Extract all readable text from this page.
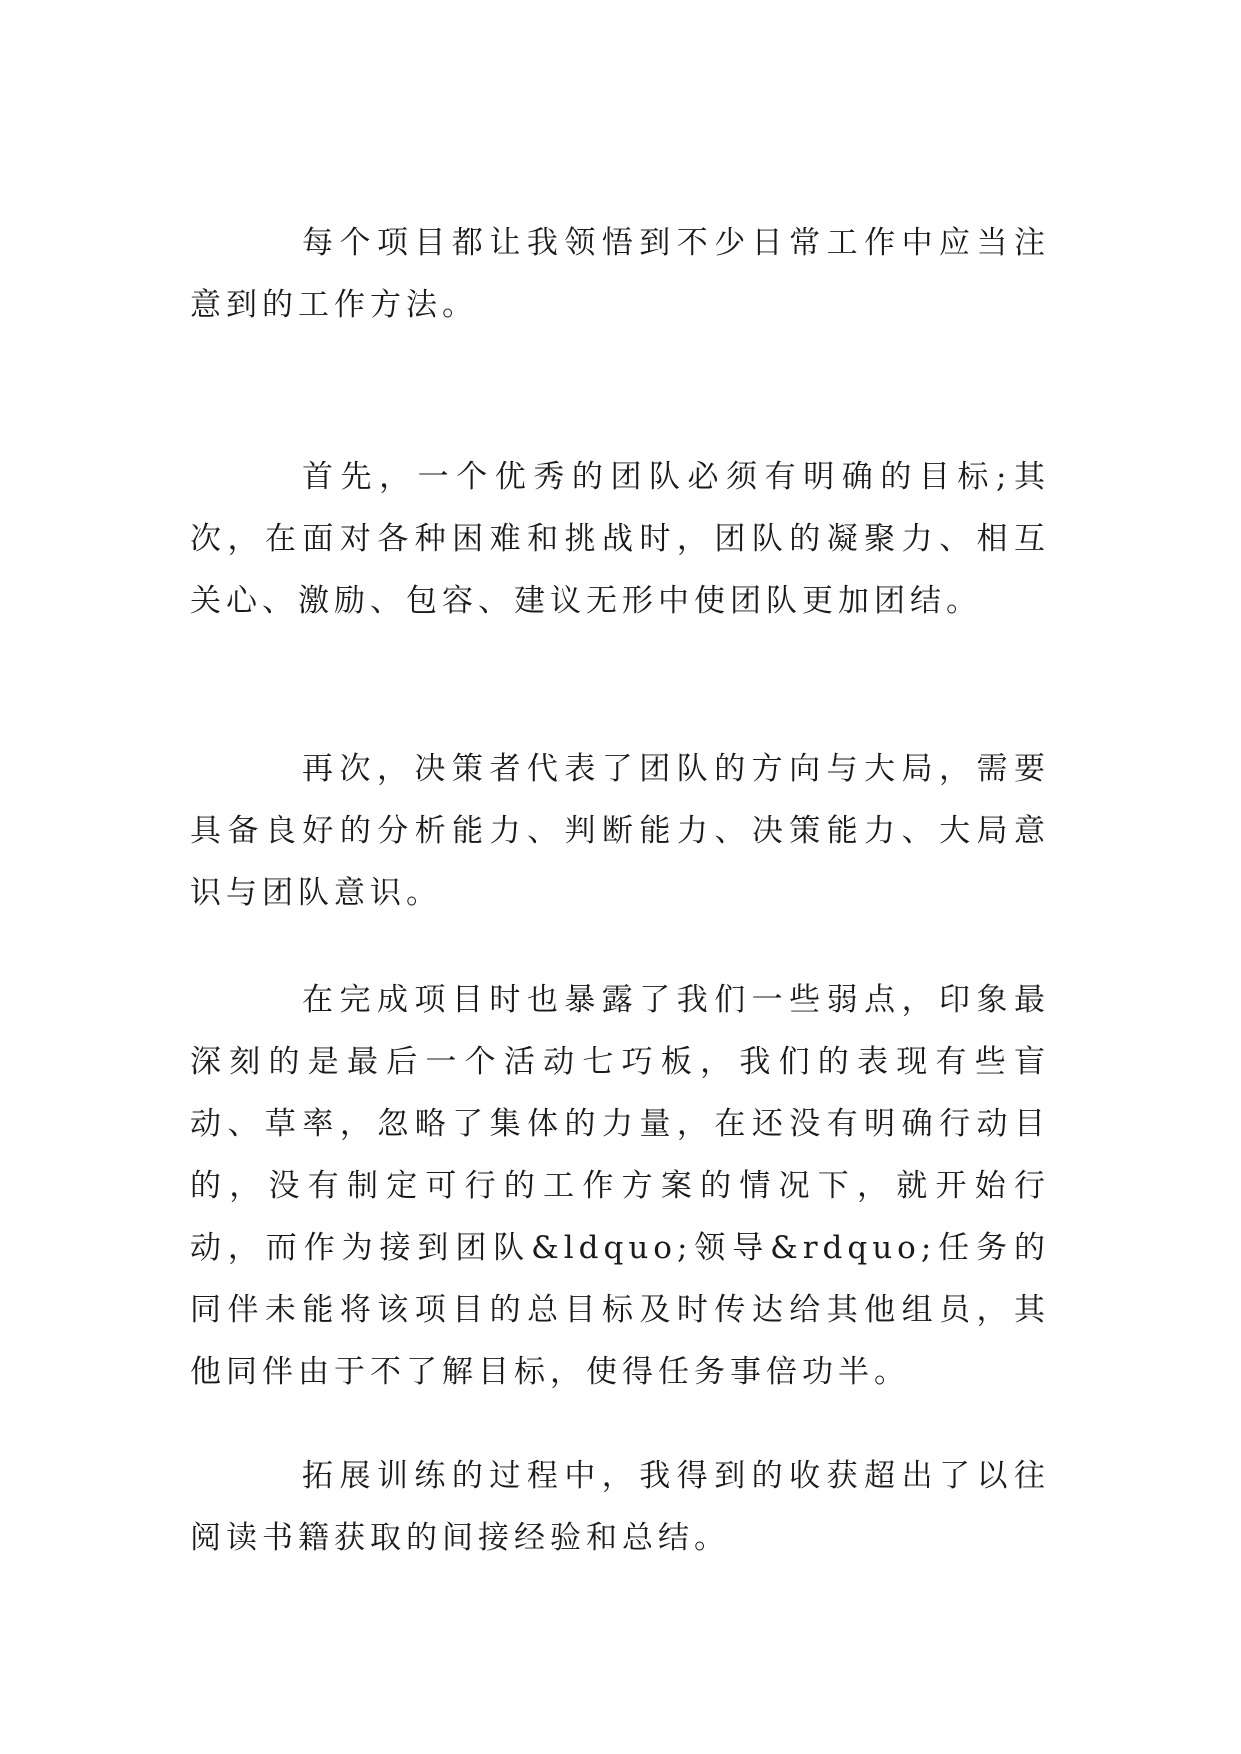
每个项目都让我领悟到不少日常工作中应当注意到的工作方法。

首先，一个优秀的团队必须有明确的目标;其次，在面对各种困难和挑战时，团队的凝聚力、相互关心、激励、包容、建议无形中使团队更加团结。

再次，决策者代表了团队的方向与大局，需要具备良好的分析能力、判断能力、决策能力、大局意识与团队意识。

在完成项目时也暴露了我们一些弱点，印象最深刻的是最后一个活动七巧板，我们的表现有些盲动、草率，忽略了集体的力量，在还没有明确行动目的，没有制定可行的工作方案的情况下，就开始行动，而作为接到团队&ldquo;领导&rdquo;任务的同伴未能将该项目的总目标及时传达给其他组员，其他同伴由于不了解目标，使得任务事倍功半。

拓展训练的过程中，我得到的收获超出了以往阅读书籍获取的间接经验和总结。
